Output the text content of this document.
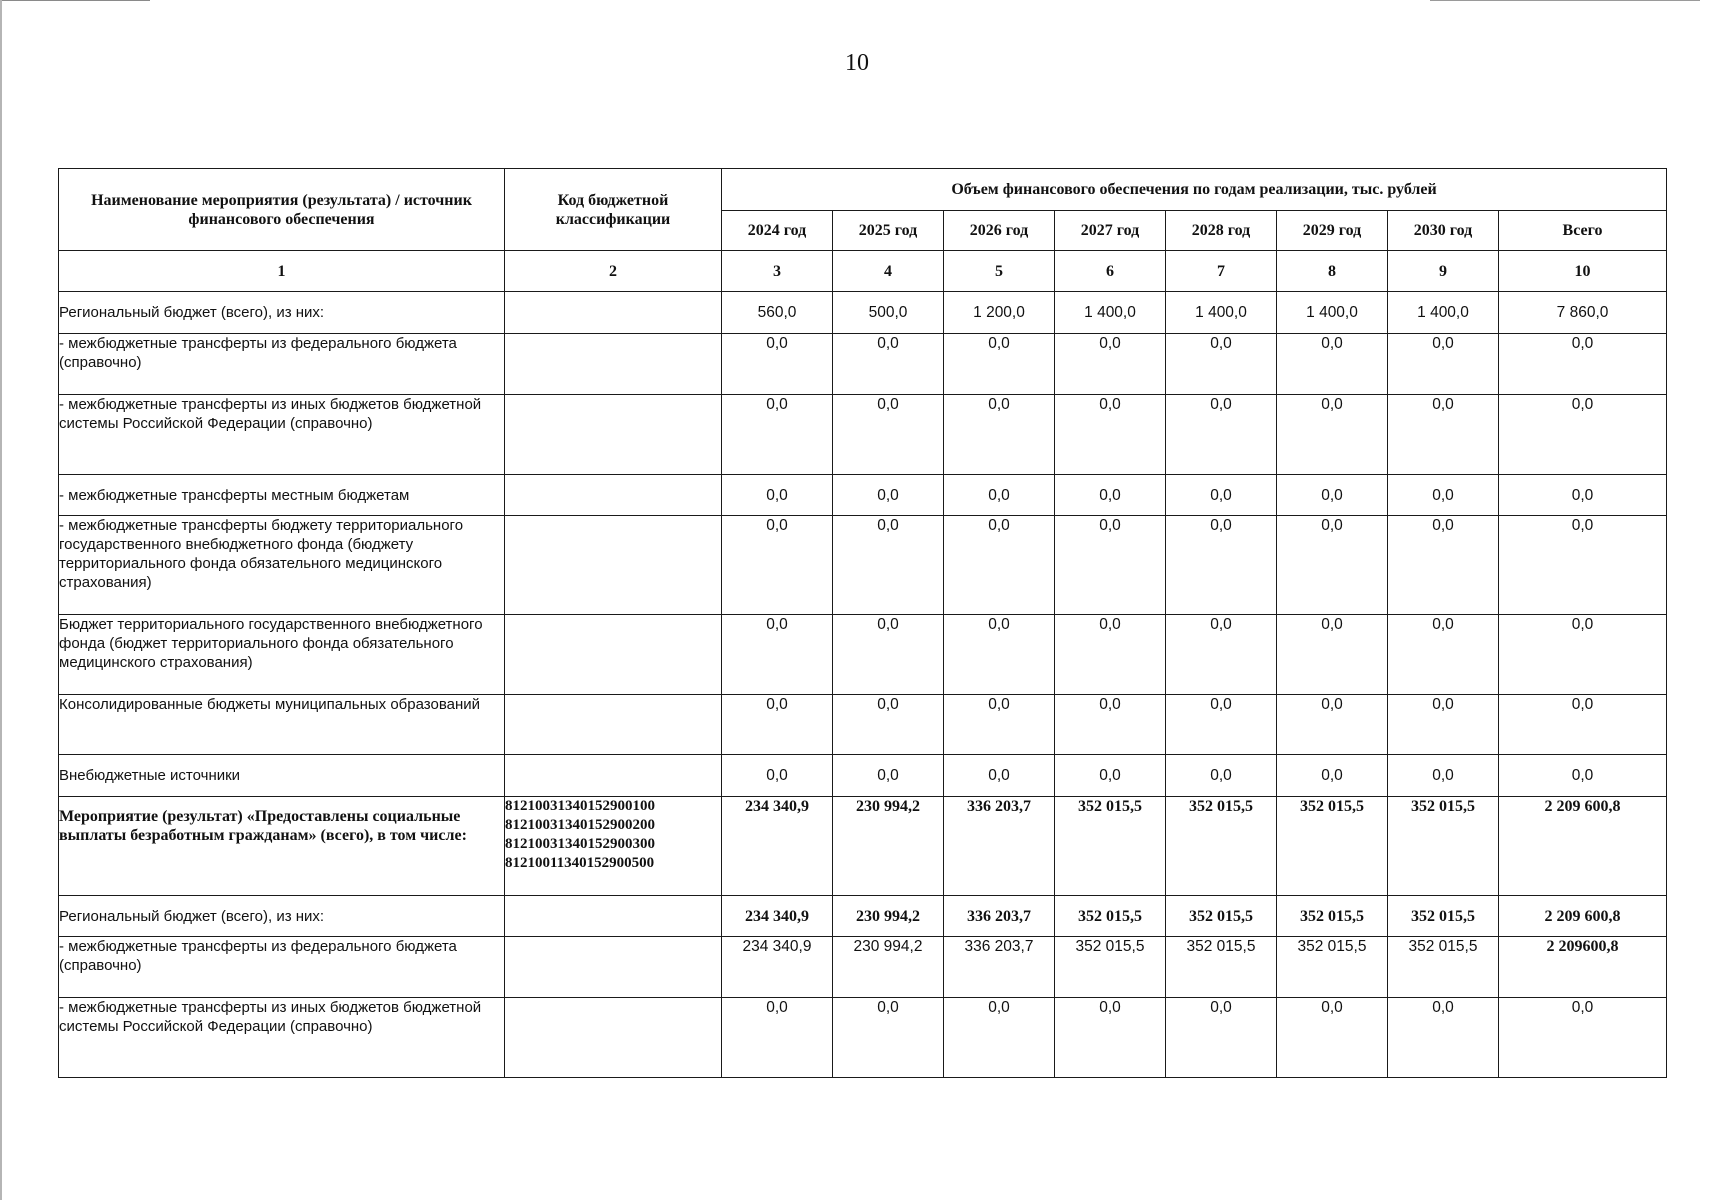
10
Наименование мероприятия (результата) / источник финансового обеспечения	Код бюджетной классификации	Объем финансового обеспечения по годам реализации, тыс. рублей							
		2024 год	2025 год	2026 год	2027 год	2028 год	2029 год	2030 год	Всего
1	2	3	4	5	6	7	8	9	10
Региональный бюджет (всего), из них:		560,0	500,0	1 200,0	1 400,0	1 400,0	1 400,0	1 400,0	7 860,0
- межбюджетные трансферты из федерального бюджета (справочно)		0,0	0,0	0,0	0,0	0,0	0,0	0,0	0,0
- межбюджетные трансферты из иных бюджетов бюджетной системы Российской Федерации (справочно)		0,0	0,0	0,0	0,0	0,0	0,0	0,0	0,0
- межбюджетные трансферты местным бюджетам		0,0	0,0	0,0	0,0	0,0	0,0	0,0	0,0
- межбюджетные трансферты бюджету территориального государственного внебюджетного фонда (бюджету территориального фонда обязательного медицинского страхования)		0,0	0,0	0,0	0,0	0,0	0,0	0,0	0,0
Бюджет территориального государственного внебюджетного фонда (бюджет территориального фонда обязательного медицинского страхования)		0,0	0,0	0,0	0,0	0,0	0,0	0,0	0,0
Консолидированные бюджеты муниципальных образований		0,0	0,0	0,0	0,0	0,0	0,0	0,0	0,0
Внебюджетные источники		0,0	0,0	0,0	0,0	0,0	0,0	0,0	0,0
Мероприятие (результат) «Предоставлены социальные выплаты безработным гражданам» (всего), в том числе:	81210031340152900100
81210031340152900200
81210031340152900300
81210011340152900500	234 340,9	230 994,2	336 203,7	352 015,5	352 015,5	352 015,5	352 015,5	2 209 600,8
Региональный бюджет (всего), из них:		234 340,9	230 994,2	336 203,7	352 015,5	352 015,5	352 015,5	352 015,5	2 209 600,8
- межбюджетные трансферты из федерального бюджета (справочно)		234 340,9	230 994,2	336 203,7	352 015,5	352 015,5	352 015,5	352 015,5	2 209600,8
- межбюджетные трансферты из иных бюджетов бюджетной системы Российской Федерации (справочно)		0,0	0,0	0,0	0,0	0,0	0,0	0,0	0,0
